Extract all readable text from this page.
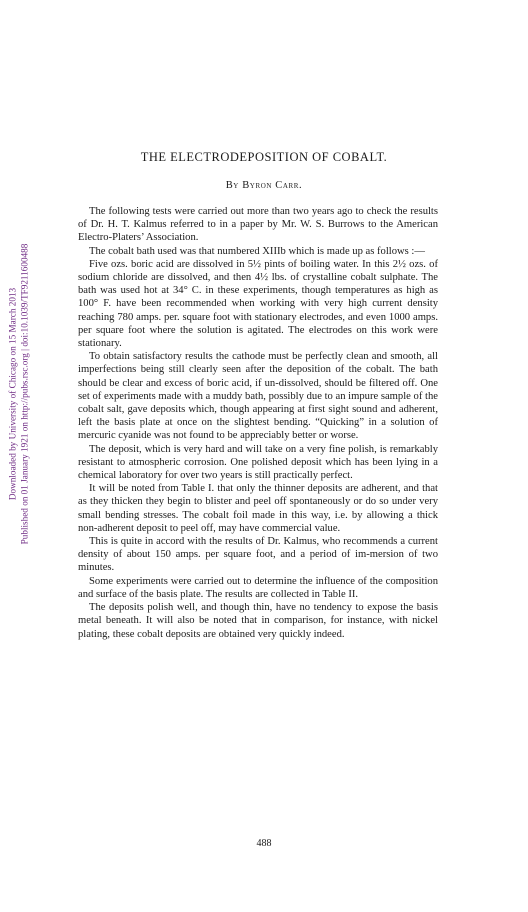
Downloaded by University of Chicago on 15 March 2013 Published on 01 January 1921 on http://pubs.rsc.org | doi:10.1039/TF9211600488
THE ELECTRODEPOSITION OF COBALT.

By Byron Carr.

The following tests were carried out more than two years ago to check the results of Dr. H. T. Kalmus referred to in a paper by Mr. W. S. Burrows to the American Electro-Platers’ Association.

The cobalt bath used was that numbered XIIIb which is made up as follows :—

Five ozs. boric acid are dissolved in 5½ pints of boiling water. In this 2½ ozs. of sodium chloride are dissolved, and then 4½ lbs. of crystalline cobalt sulphate. The bath was used hot at 34° C. in these experiments, though temperatures as high as 100° F. have been recommended when working with very high current density reaching 780 amps. per. square foot with stationary electrodes, and even 1000 amps. per square foot where the solution is agitated. The electrodes on this work were stationary.

To obtain satisfactory results the cathode must be perfectly clean and smooth, all imperfections being still clearly seen after the deposition of the cobalt. The bath should be clear and excess of boric acid, if un-dissolved, should be filtered off. One set of experiments made with a muddy bath, possibly due to an impure sample of the cobalt salt, gave deposits which, though appearing at first sight sound and adherent, left the basis plate at once on the slightest bending. “Quicking” in a solution of mercuric cyanide was not found to be appreciably better or worse.

The deposit, which is very hard and will take on a very fine polish, is remarkably resistant to atmospheric corrosion. One polished deposit which has been lying in a chemical laboratory for over two years is still practically perfect.

It will be noted from Table I. that only the thinner deposits are adherent, and that as they thicken they begin to blister and peel off spontaneously or do so under very small bending stresses. The cobalt foil made in this way, i.e. by allowing a thick non-adherent deposit to peel off, may have commercial value.

This is quite in accord with the results of Dr. Kalmus, who recommends a current density of about 150 amps. per square foot, and a period of im-mersion of two minutes.

Some experiments were carried out to determine the influence of the composition and surface of the basis plate. The results are collected in Table II.

The deposits polish well, and though thin, have no tendency to expose the basis metal beneath. It will also be noted that in comparison, for instance, with nickel plating, these cobalt deposits are obtained very quickly indeed.

488
